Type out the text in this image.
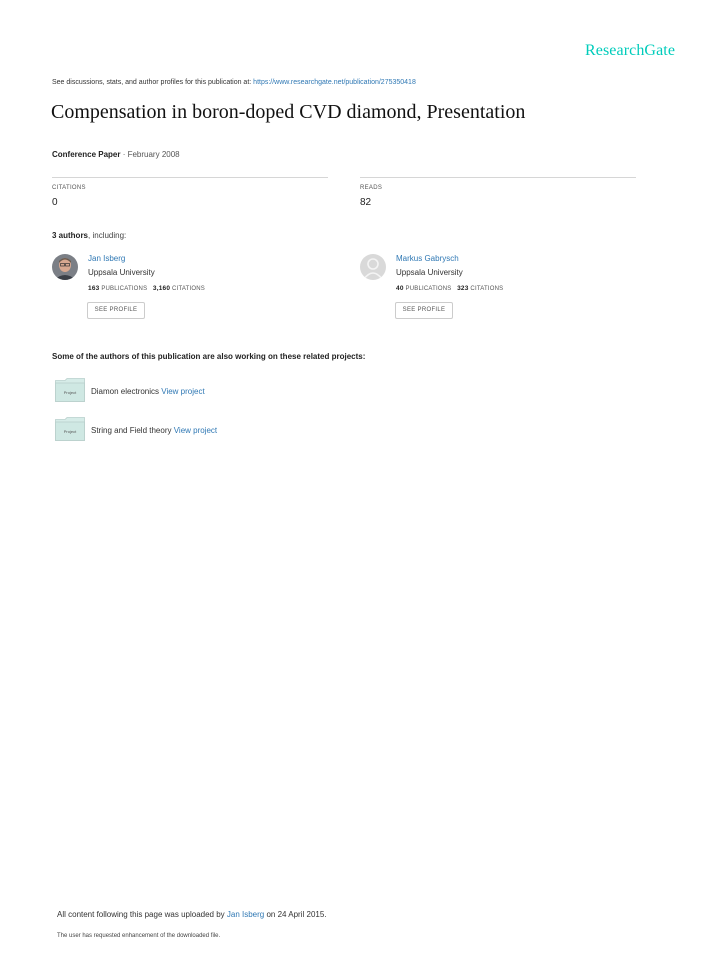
ResearchGate
See discussions, stats, and author profiles for this publication at: https://www.researchgate.net/publication/275350418
Compensation in boron-doped CVD diamond, Presentation
Conference Paper · February 2008
CITATIONS
0
READS
82
3 authors, including:
Jan Isberg
Uppsala University
163 PUBLICATIONS 3,160 CITATIONS
SEE PROFILE
Markus Gabrysch
Uppsala University
40 PUBLICATIONS 323 CITATIONS
SEE PROFILE
Some of the authors of this publication are also working on these related projects:
Project Diamon electronics View project
Project String and Field theory View project
All content following this page was uploaded by Jan Isberg on 24 April 2015.
The user has requested enhancement of the downloaded file.
